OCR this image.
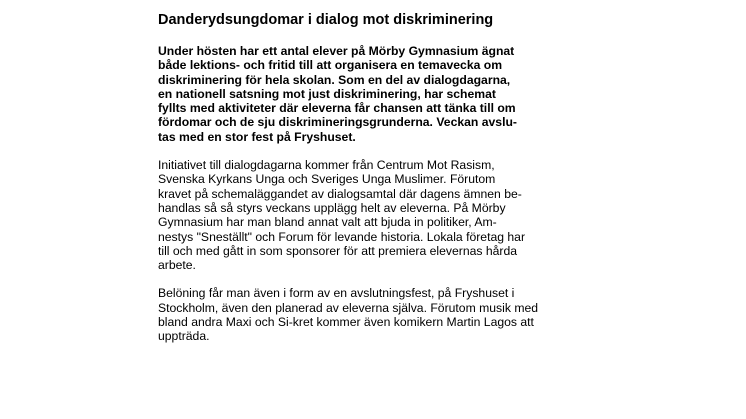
Danderydsungdomar i dialog mot diskriminering
Under hösten har ett antal elever på Mörby Gymnasium ägnat
både lektions- och fritid till att organisera en temavecka om
diskriminering för hela skolan. Som en del av dialogdagarna,
en nationell satsning mot just diskriminering, har schemat
fyllts med aktiviteter där eleverna får chansen att tänka till om
fördomar och de sju diskrimineringsgrunderna. Veckan avslu-
tas med en stor fest på Fryshuset.
Initiativet till dialogdagarna kommer från Centrum Mot Rasism,
Svenska Kyrkans Unga och Sveriges Unga Muslimer. Förutom
kravet på schemaläggandet av dialogsamtal där dagens ämnen be-
handlas så så styrs veckans upplägg helt av eleverna. På Mörby
Gymnasium har man bland annat valt att bjuda in politiker, Am-
nestys "Sneställt" och Forum för levande historia. Lokala företag har
till och med gått in som sponsorer för att premiera elevernas hårda
arbete.
Belöning får man även i form av en avslutningsfest, på Fryshuset i
Stockholm, även den planerad av eleverna själva. Förutom musik med
bland andra Maxi och Si-kret kommer även komikern Martin Lagos att
uppträda.
